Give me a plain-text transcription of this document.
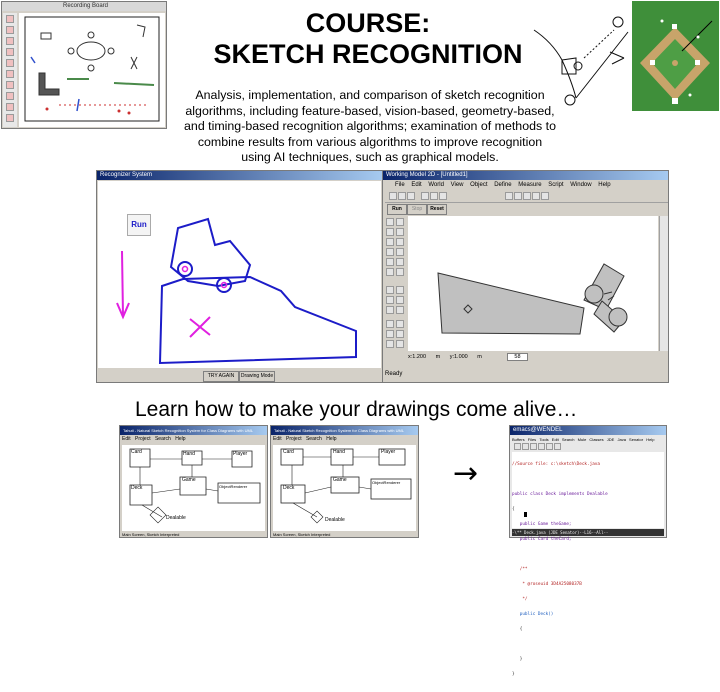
COURSE:
SKETCH RECOGNITION
Analysis, implementation, and comparison of sketch recognition algorithms, including feature-based, vision-based, geometry-based, and timing-based recognition algorithms; examination of methods to combine results from various algorithms to improve recognition using AI techniques, such as graphical models.
Recording Board
Recognizer System
Run
TRY AGAIN	Drawing Mode
Working Model 2D - [Untitled1]
File Edit World View Object Define Measure Script Window Help
Run	Stop	Reset
x:1.200 m y:1.000 m	58
Ready
Learn how to make your drawings come alive…
Tahuti - Natural Sketch Recognition System for Class Diagrams with UML
Edit Project Search Help
Card	Hand	Player
Deck
Game
ObjectRenderer
Dealable
Main Screen, Sketch Interpreted
Tahuti - Natural Sketch Recognition System for Class Diagrams with UML
Edit Project Search Help
Card	Hand	Player
Deck
Game	ObjectRenderer
Dealable
Main Screen, Sketch Interpreted
→
emacs@WENDEL
Buffers Files Tools Edit Search Mule Classes JDE Java Senator Help

//Source file: c:\sketch\Deck.java

public class Deck implements Dealable

{

public Game theGame;

public Card theCard;

/**

* @roseuid 3D4A2508037B

*/

public Deck()

{

}

}

-\** Deck.java (JDE Senator)--L16--All--
